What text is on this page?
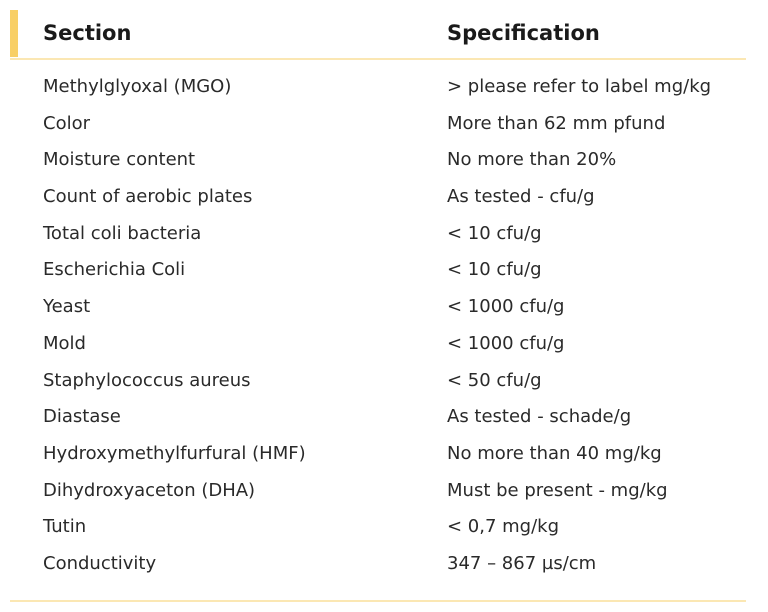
Section	Specification
Methylglyoxal (MGO)	> please refer to label mg/kg
Color	More than 62 mm pfund
Moisture content	No more than 20%
Count of aerobic plates	As tested - cfu/g
Total coli bacteria	< 10 cfu/g
Escherichia Coli	< 10 cfu/g
Yeast	< 1000 cfu/g
Mold	< 1000 cfu/g
Staphylococcus aureus	< 50 cfu/g
Diastase	As tested - schade/g
Hydroxymethylfurfural (HMF)	No more than 40 mg/kg
Dihydroxyaceton (DHA)	Must be present - mg/kg
Tutin	< 0,7 mg/kg
Conductivity	347 – 867 µs/cm
